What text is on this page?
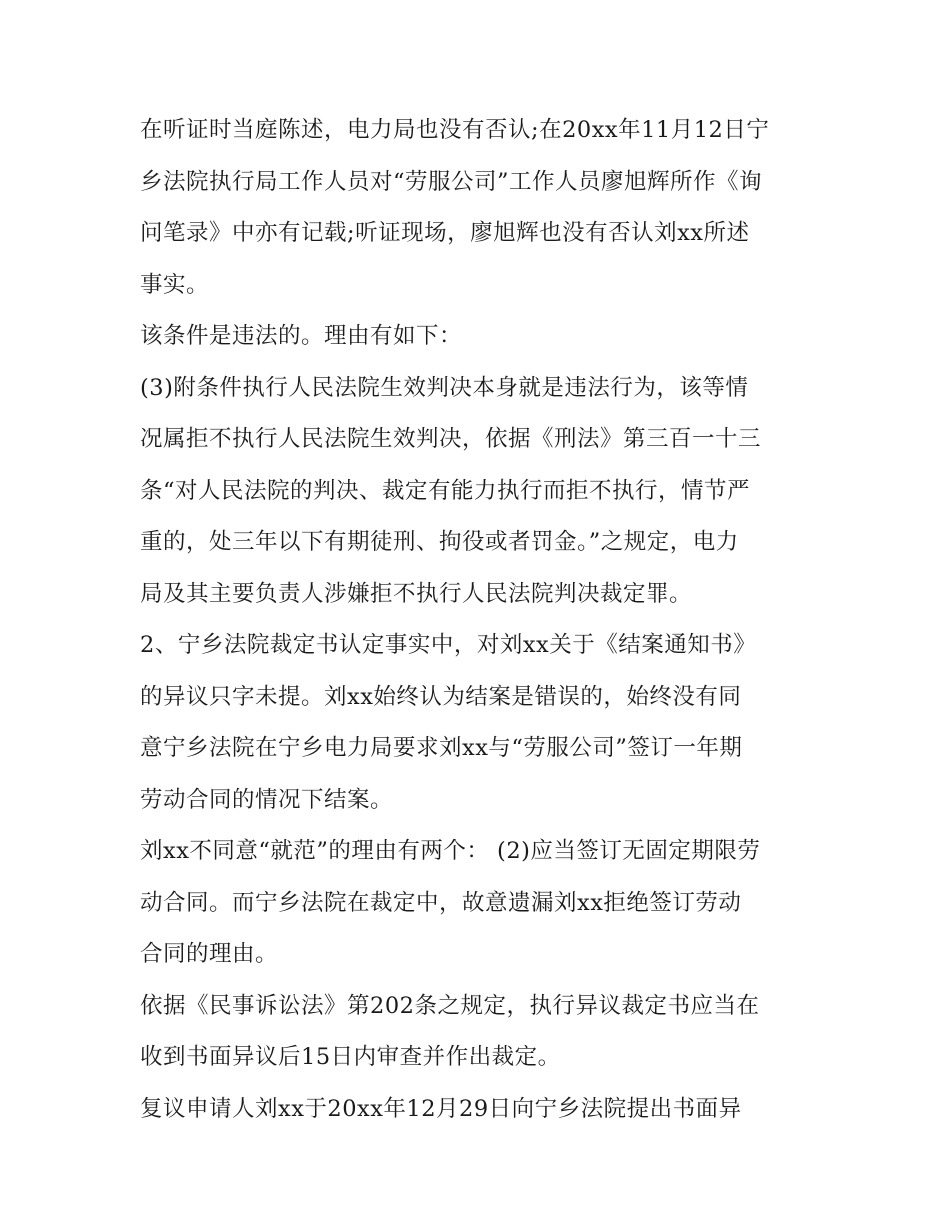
在听证时当庭陈述，电力局也没有否认;在20xx年11月12日宁
乡法院执行局工作人员对“劳服公司”工作人员廖旭辉所作《询
问笔录》中亦有记载;听证现场，廖旭辉也没有否认刘xx所述
事实。
该条件是违法的。理由有如下：
(3)附条件执行人民法院生效判决本身就是违法行为，该等情
况属拒不执行人民法院生效判决，依据《刑法》第三百一十三
条“对人民法院的判决、裁定有能力执行而拒不执行，情节严
重的，处三年以下有期徒刑、拘役或者罚金。”之规定，电力
局及其主要负责人涉嫌拒不执行人民法院判决裁定罪。
2、宁乡法院裁定书认定事实中，对刘xx关于《结案通知书》
的异议只字未提。刘xx始终认为结案是错误的，始终没有同
意宁乡法院在宁乡电力局要求刘xx与“劳服公司”签订一年期
劳动合同的情况下结案。
刘xx不同意“就范”的理由有两个： (2)应当签订无固定期限劳
动合同。而宁乡法院在裁定中，故意遗漏刘xx拒绝签订劳动
合同的理由。
依据《民事诉讼法》第202条之规定，执行异议裁定书应当在
收到书面异议后15日内审查并作出裁定。
复议申请人刘xx于20xx年12月29日向宁乡法院提出书面异
